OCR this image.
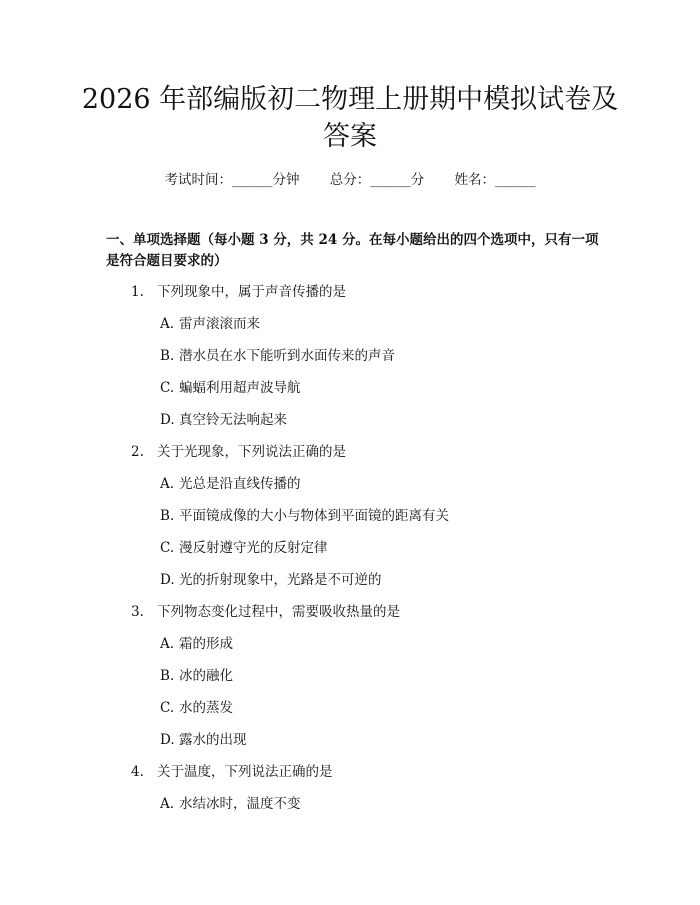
2026 年部编版初二物理上册期中模拟试卷及
答案
考试时间：______分钟 总分：______分 姓名：______
一、单项选择题（每小题 3 分，共 24 分。在每小题给出的四个选项中，只有一项
是符合题目要求的）
1. 下列现象中，属于声音传播的是
A. 雷声滚滚而来
B. 潜水员在水下能听到水面传来的声音
C. 蝙蝠利用超声波导航
D. 真空铃无法响起来
2. 关于光现象，下列说法正确的是
A. 光总是沿直线传播的
B. 平面镜成像的大小与物体到平面镜的距离有关
C. 漫反射遵守光的反射定律
D. 光的折射现象中，光路是不可逆的
3. 下列物态变化过程中，需要吸收热量的是
A. 霜的形成
B. 冰的融化
C. 水的蒸发
D. 露水的出现
4. 关于温度，下列说法正确的是
A. 水结冰时，温度不变
